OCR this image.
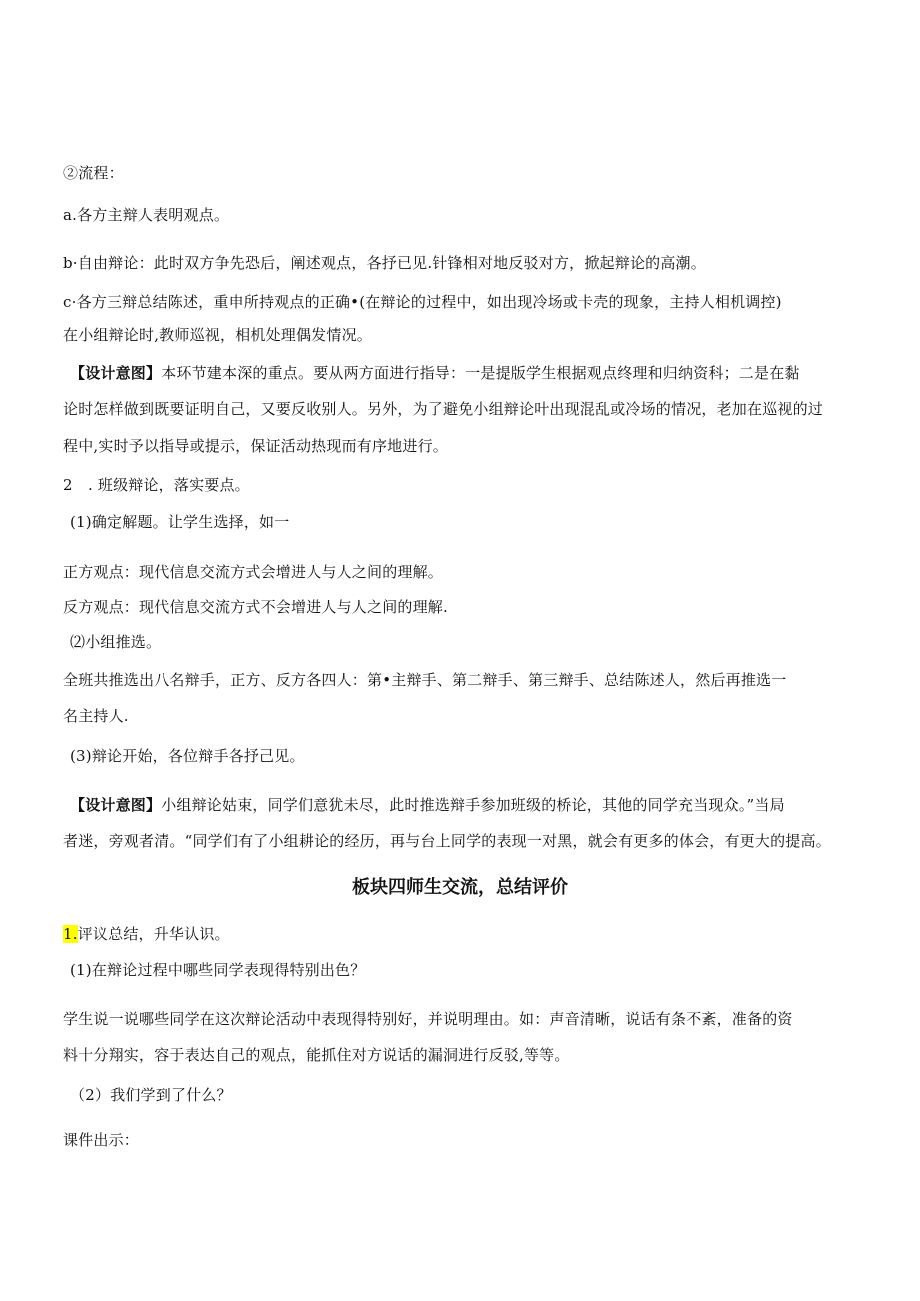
②流程：
a.各方主辩人表明观点。
b·自由辩论：此时双方争先恐后，阐述观点，各抒已见.针锋相对地反驳对方，掀起辩论的高潮。
c·各方三辩总结陈述，重申所持观点的正确•(在辩论的过程中，如出现冷场或卡壳的现象，主持人相机调控)
在小组辩论时,教师巡视，相机处理偶发情况。
【设计意图】本环节建本深的重点。要从两方面进行指导：一是提版学生根据观点终理和归纳资科；二是在黏
论时怎样做到既要证明自己，又要反收别人。另外，为了避免小组辩论叶出现混乱或冷场的情况，老加在巡视的过
程中,实时予以指导或提示，保证活动热现而有序地进行。
2　. 班级辩论，落实要点。
(1)确定解题。让学生选择，如一
正方观点：现代信息交流方式会增进人与人之间的理解。
反方观点：现代信息交流方式不会增进人与人之间的理解.
⑵小组推选。
全班共推选出八名辩手，正方、反方各四人：第•主辩手、第二辩手、第三辩手、总结陈述人，然后再推选一
名主持人.
(3)辩论开始，各位辩手各抒己见。
【设计意图】小组辩论姑束，同学们意犹未尽，此时推选辩手参加班级的桥论，其他的同学充当现众。”当局
者迷，旁观者清。“同学们有了小组耕论的经历，再与台上同学的表现一对黑，就会有更多的体会，有更大的提高。
板块四师生交流，总结评价
1.评议总结，升华认识。
(1)在辩论过程中哪些同学表现得特别出色？
学生说一说哪些同学在这次辩论活动中表现得特别好，并说明理由。如：声音清晰，说话有条不紊，准备的资
料十分翔实，容于表达自己的观点，能抓住对方说话的漏洞进行反驳,等等。
（2）我们学到了什么？
课件出示：
